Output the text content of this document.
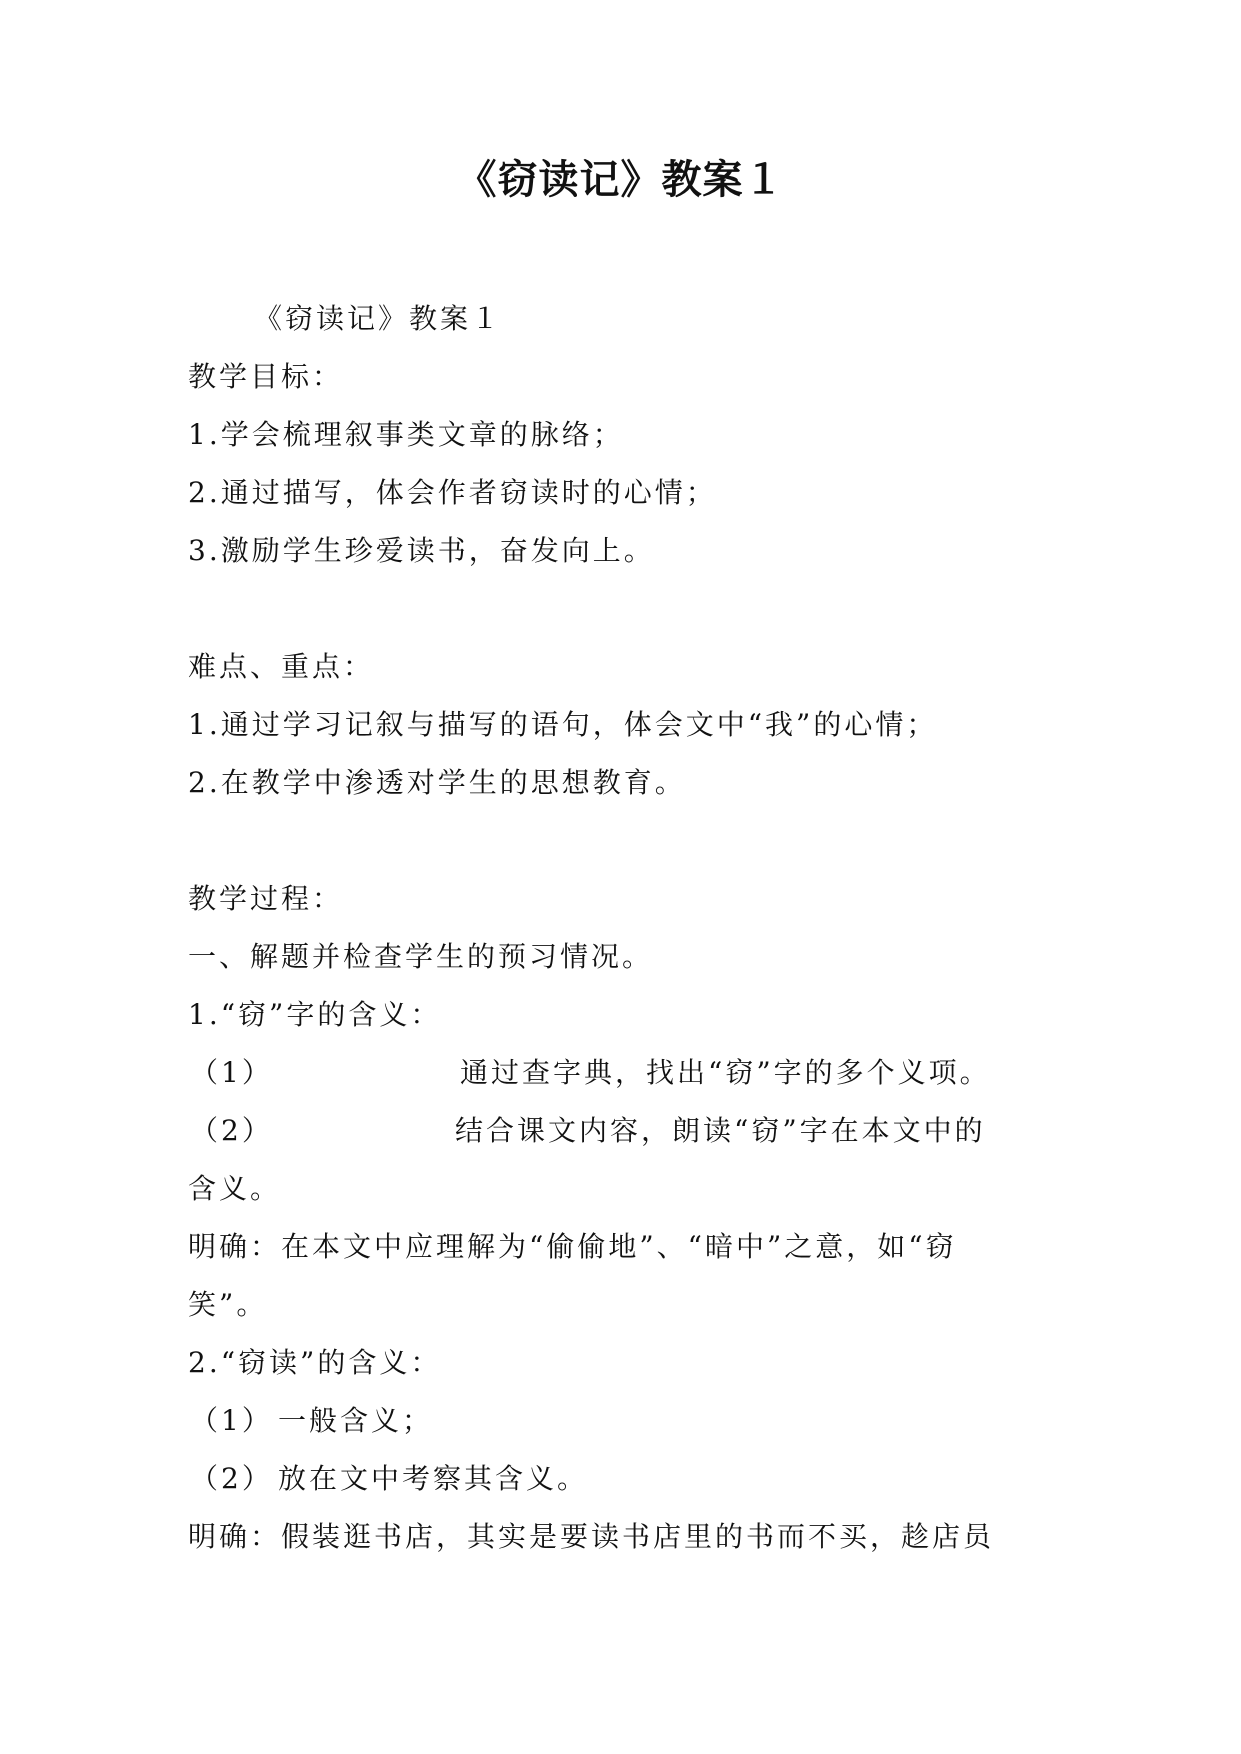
《窃读记》教案１
《窃读记》教案１
教学目标：
1.学会梳理叙事类文章的脉络；
2.通过描写，体会作者窃读时的心情；
3.激励学生珍爱读书，奋发向上。
难点、重点：
1.通过学习记叙与描写的语句，体会文中“我”的心情；
2.在教学中渗透对学生的思想教育。
教学过程：
一、解题并检查学生的预习情况。
1.“窃”字的含义：
（1）	通过查字典，找出“窃”字的多个义项。
（2）	结合课文内容，朗读“窃”字在本文中的
含义。
明确：在本文中应理解为“偷偷地”、“暗中”之意，如“窃
笑”。
2.“窃读”的含义：
（1） 一般含义；
（2） 放在文中考察其含义。
明确：假装逛书店，其实是要读书店里的书而不买，趁店员
